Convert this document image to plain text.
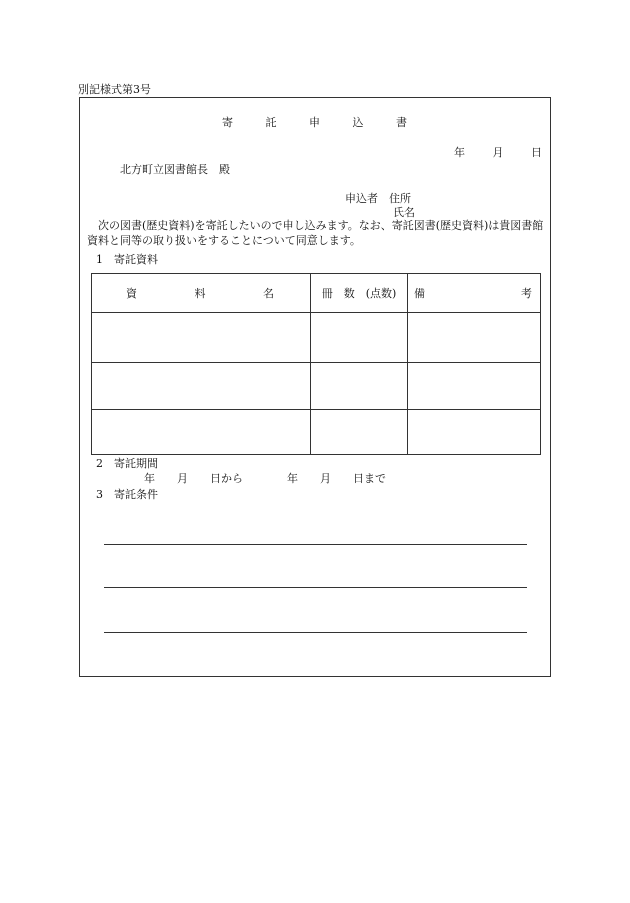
別記様式第3号
寄	託	申	込	書
年	月	日
北方町立図書館長　殿
申込者　住所
氏名
次の図書(歴史資料)を寄託したいので申し込みます。なお、寄託図書(歴史資料)は貴図書館資料と同等の取り扱いをすることについて同意します。
1　寄託資料
資 料 名	冊　数　(点数)	備 考

2　寄託期間
年　　月　　日から　　　　年　　月　　日まで
3　寄託条件
